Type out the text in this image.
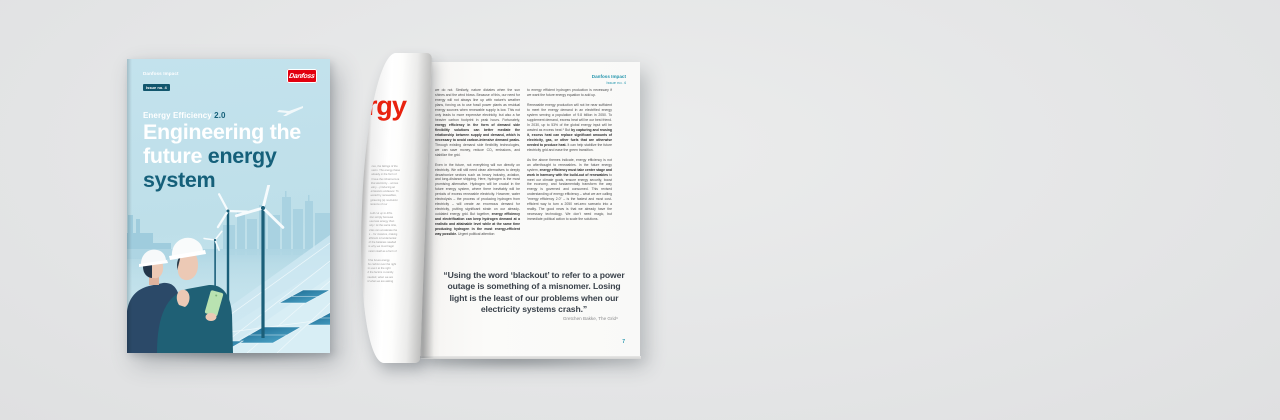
Danfoss Impact
Issue no. 4
Danfoss
Energy Efficiency 2.0
Engineering the
future energy
system
Danfoss Impact
Issue no. 4

we do not. Similarly, nature dictates when the sun shines and the wind blows. Because of this, our need for energy will not always line up with nature's weather plans, forcing us to use fossil power plants as residual energy sources when renewable supply is low. This not only leads to more expensive electricity, but also a far heavier carbon footprint in peak hours. Fortunately, energy efficiency in the form of demand side flexibility solutions can better mediate the relationship between supply and demand, which is necessary to avoid carbon-intensive demand peaks. Through existing demand side flexibility technologies, we can save money, reduce CO₂ emissions, and stabilize the grid.

Even in the future, not everything will run directly on electricity. We will still need clean alternatives to deeply decarbonize sectors such as heavy industry, aviation, and long-distance shipping. Here, hydrogen is the most promising alternative. Hydrogen will be crucial in the future energy system, where there inevitably will be periods of excess renewable electricity. However, water electrolysis – the process of producing hydrogen from electricity – will create an enormous demand for electricity, putting significant strain on our already-outdated energy grid. But together, energy efficiency and electrification can keep hydrogen demand at a realistic and attainable level while at the same time producing hydrogen in the most energy-efficient way possible. Urgent political attention

to energy efficient hydrogen production is necessary if we want the future energy equation to add up.

Renewable energy production will not be near sufficient to meet the energy demand in an electrified energy system serving a population of 9.8 billion in 2050. To supplement demand, excess heat will be our best friend. In 2030, up to 53% of the global energy input will be wasted as excess heat.⁵ But by capturing and reusing it, excess heat can replace significant amounts of electricity, gas, or other fuels that are otherwise needed to produce heat. It can help stabilize the future electricity grid and ease the green transition.

As the above themes indicate, energy efficiency is not an afterthought to renewables. In the future energy system, energy efficiency must take center stage and work in harmony with the build-out of renewables to meet our climate goals, ensure energy security, boost the economy, and fundamentally transform the way energy is governed and consumed. This revised understanding of energy efficiency – what we are calling "energy efficiency 2.0" – is the fastest and most cost-efficient way to turn a 2050 net-zero scenario into a reality. The good news is that we already have the necessary technology. We don't need magic, but immediate political action to scale the solutions.

“Using the word ‘blackout’ to refer to a power outage is something of a misnomer. Losing light is the least of our problems when our electricity systems crash.”
Gretchen Bakke, The Grid⁶
7
rgy
ries, the failings of the
ssion. The energy these
already in the form of
I have the infrastructure
that electricity – across
ustry – producing an
emissions endeavor. To
wered by renewables,
gineering (a) revolution
tenance of our
ould cut up to 40%.
tion simply because
use less energy than
arly.⁴ At the same time,
icles can accelerate the
s – for instance, making
efficient is fundamental
of the batteries needed
is why we must begin
cation itself as a form of
f the future energy
he carbon over the right
to use it at the right
d the factors currently
needed, when we are
of what we are asking
